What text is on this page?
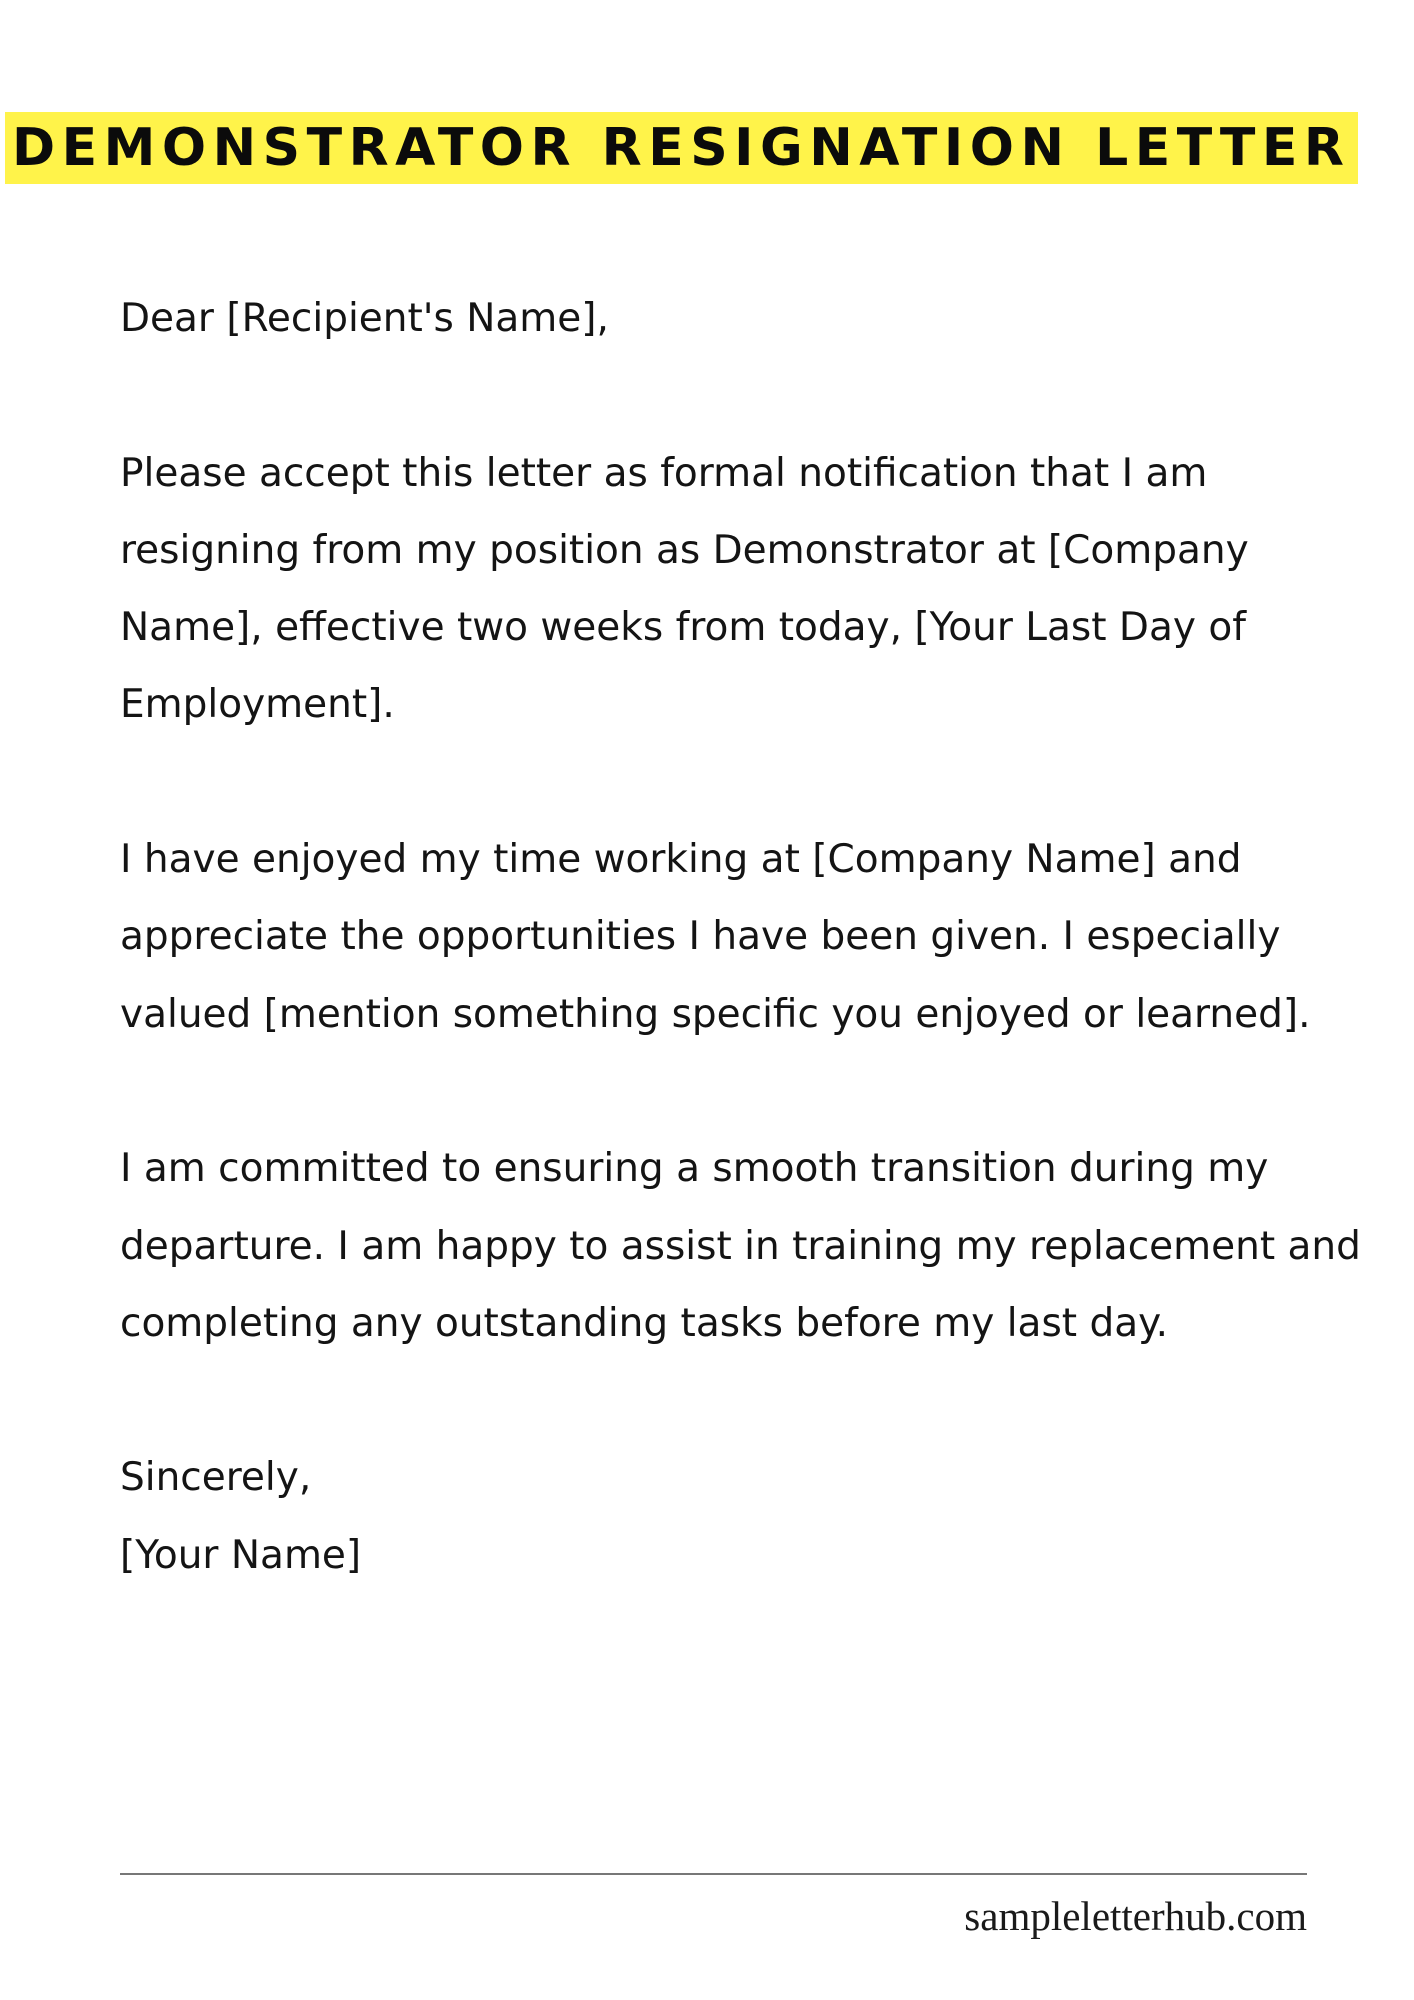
DEMONSTRATOR RESIGNATION LETTER

Dear [Recipient's Name],

Please accept this letter as formal notification that I am resigning from my position as Demonstrator at [Company Name], effective two weeks from today, [Your Last Day of Employment].

I have enjoyed my time working at [Company Name] and appreciate the opportunities I have been given. I especially valued [mention something specific you enjoyed or learned].

I am committed to ensuring a smooth transition during my departure. I am happy to assist in training my replacement and completing any outstanding tasks before my last day.

Sincerely,

[Your Name]

sampleletterhub.com
